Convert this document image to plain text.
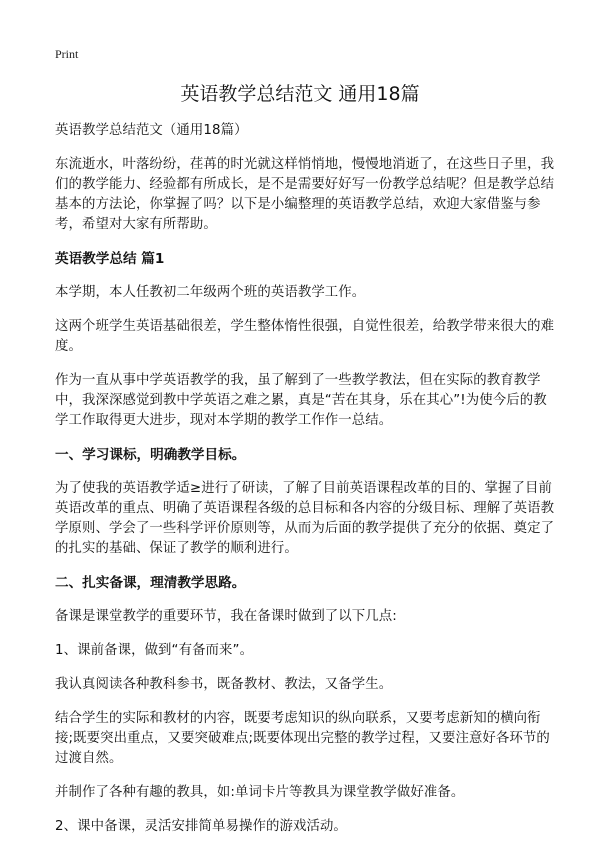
Print
英语教学总结范文 通用18篇

英语教学总结范文（通用18篇）

东流逝水，叶落纷纷，荏苒的时光就这样悄悄地，慢慢地消逝了，在这些日子里，我们的教学能力、经验都有所成长，是不是需要好好写一份教学总结呢？但是教学总结基本的方法论，你掌握了吗？以下是小编整理的英语教学总结，欢迎大家借鉴与参考，希望对大家有所帮助。

英语教学总结 篇1

本学期，本人任教初二年级两个班的英语教学工作。

这两个班学生英语基础很差，学生整体惰性很强，自觉性很差，给教学带来很大的难度。

作为一直从事中学英语教学的我，虽了解到了一些教学教法，但在实际的教育教学中，我深深感觉到教中学英语之难之累，真是“苦在其身，乐在其心”!为使今后的教学工作取得更大进步，现对本学期的教学工作作一总结。

一、学习课标，明确教学目标。

为了使我的英语教学适≥进行了研读，了解了目前英语课程改革的目的、掌握了目前英语改革的重点、明确了英语课程各级的总目标和各内容的分级目标、理解了英语教学原则、学会了一些科学评价原则等，从而为后面的教学提供了充分的依据、奠定了的扎实的基础、保证了教学的顺利进行。

二、扎实备课，理清教学思路。

备课是课堂教学的重要环节，我在备课时做到了以下几点:

1、课前备课，做到“有备而来”。

我认真阅读各种教科参书，既备教材、教法，又备学生。

结合学生的实际和教材的内容，既要考虑知识的纵向联系，又要考虑新知的横向衔接;既要突出重点，又要突破难点;既要体现出完整的教学过程，又要注意好各环节的过渡自然。

并制作了各种有趣的教具，如:单词卡片等教具为课堂教学做好准备。

2、课中备课，灵活安排简单易操作的游戏活动。
